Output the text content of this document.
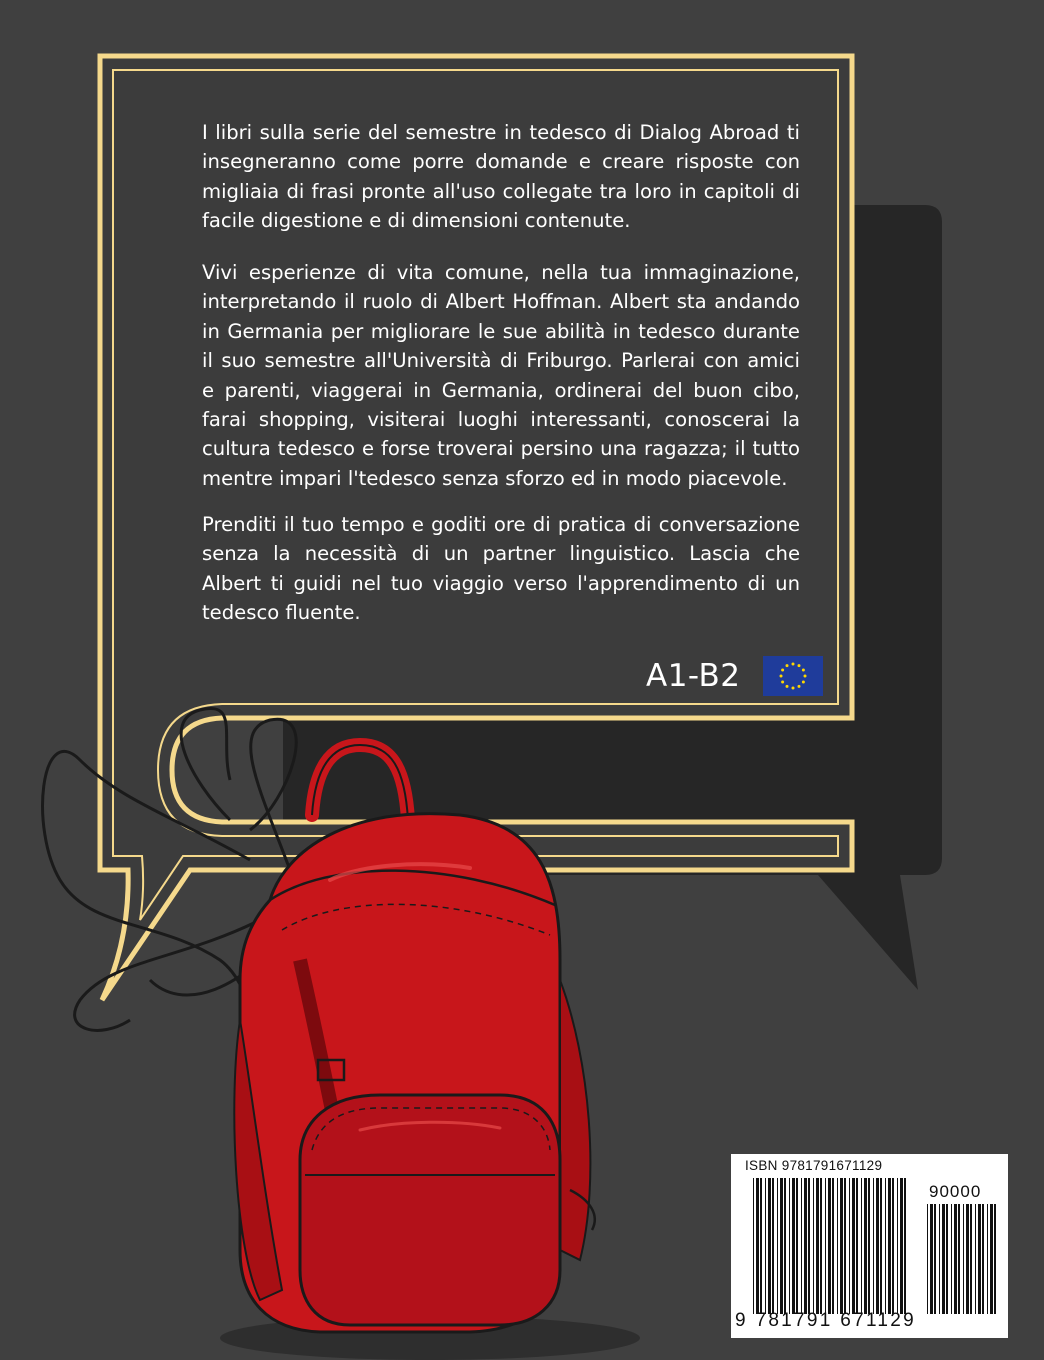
I libri sulla serie del semestre in tedesco di Dialog Abroad ti insegneranno come porre domande e creare risposte con migliaia di frasi pronte all'uso collegate tra loro in capitoli di facile digestione e di dimensioni contenute.

Vivi esperienze di vita comune, nella tua immaginazione, interpretando il ruolo di Albert Hoffman. Albert sta andando in Germania per migliorare le sue abilità in tedesco durante il suo semestre all'Università di Friburgo. Parlerai con amici e parenti, viaggerai in Germania, ordinerai del buon cibo, farai shopping, visiterai luoghi interessanti, conoscerai la cultura tedesco e forse troverai persino una ragazza; il tutto mentre impari l'tedesco senza sforzo ed in modo piacevole.

Prenditi il tuo tempo e goditi ore di pratica di conversazione senza la necessità di un partner linguistico. Lascia che Albert ti guidi nel tuo viaggio verso l'apprendimento di un tedesco fluente.

A1-B2
ISBN 9781791671129
90000
9 781791 671129
